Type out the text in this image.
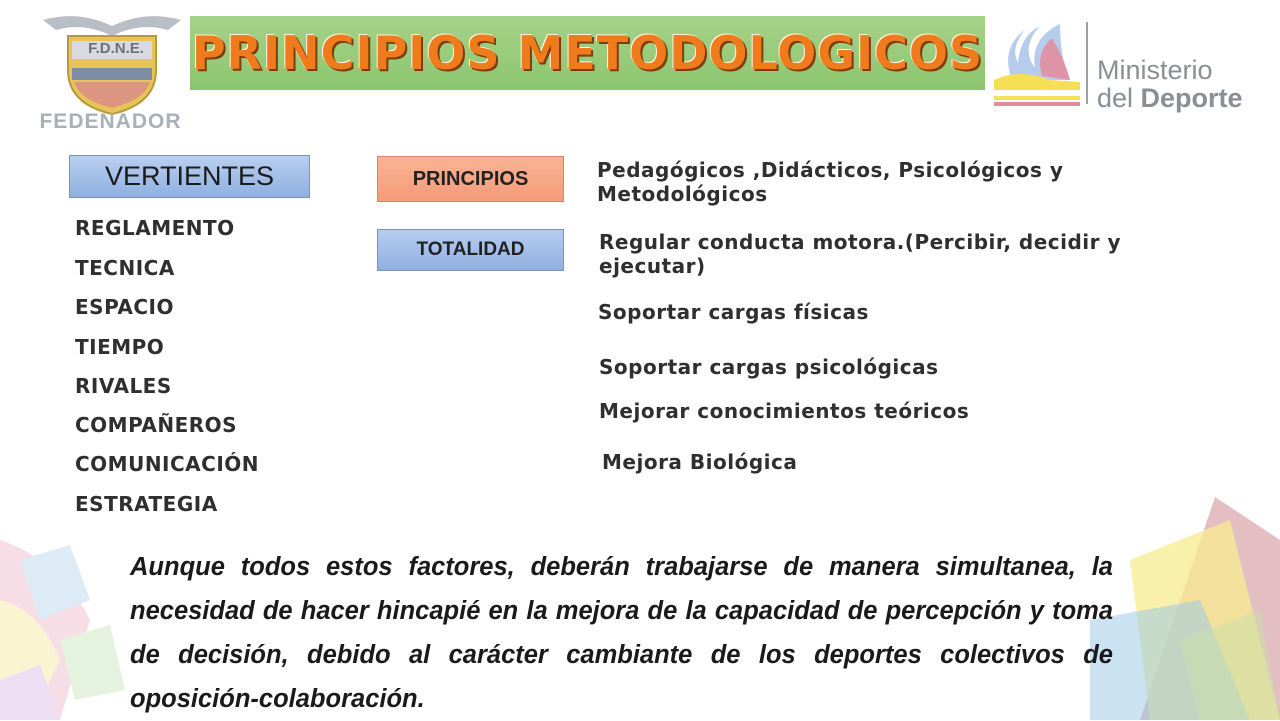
F.D.N.E.
FEDENADOR
PRINCIPIOS METODOLOGICOS	Ministerio
del Deporte
VERTIENTES
REGLAMENTO
TECNICA
ESPACIO
TIEMPO
RIVALES
COMPAÑEROS
COMUNICACIÓN
ESTRATEGIA
PRINCIPIOS	Pedagógicos ,Didácticos, Psicológicos y Metodológicos
TOTALIDAD	Regular conducta motora.(Percibir, decidir y ejecutar)
Soportar cargas físicas
Soportar cargas psicológicas
Mejorar conocimientos teóricos
Mejora Biológica
Aunque todos estos factores, deberán trabajarse de manera simultanea, la necesidad de hacer hincapié en la mejora de la capacidad de percepción y toma de decisión, debido al carácter cambiante de los deportes colectivos de oposición-colaboración.
